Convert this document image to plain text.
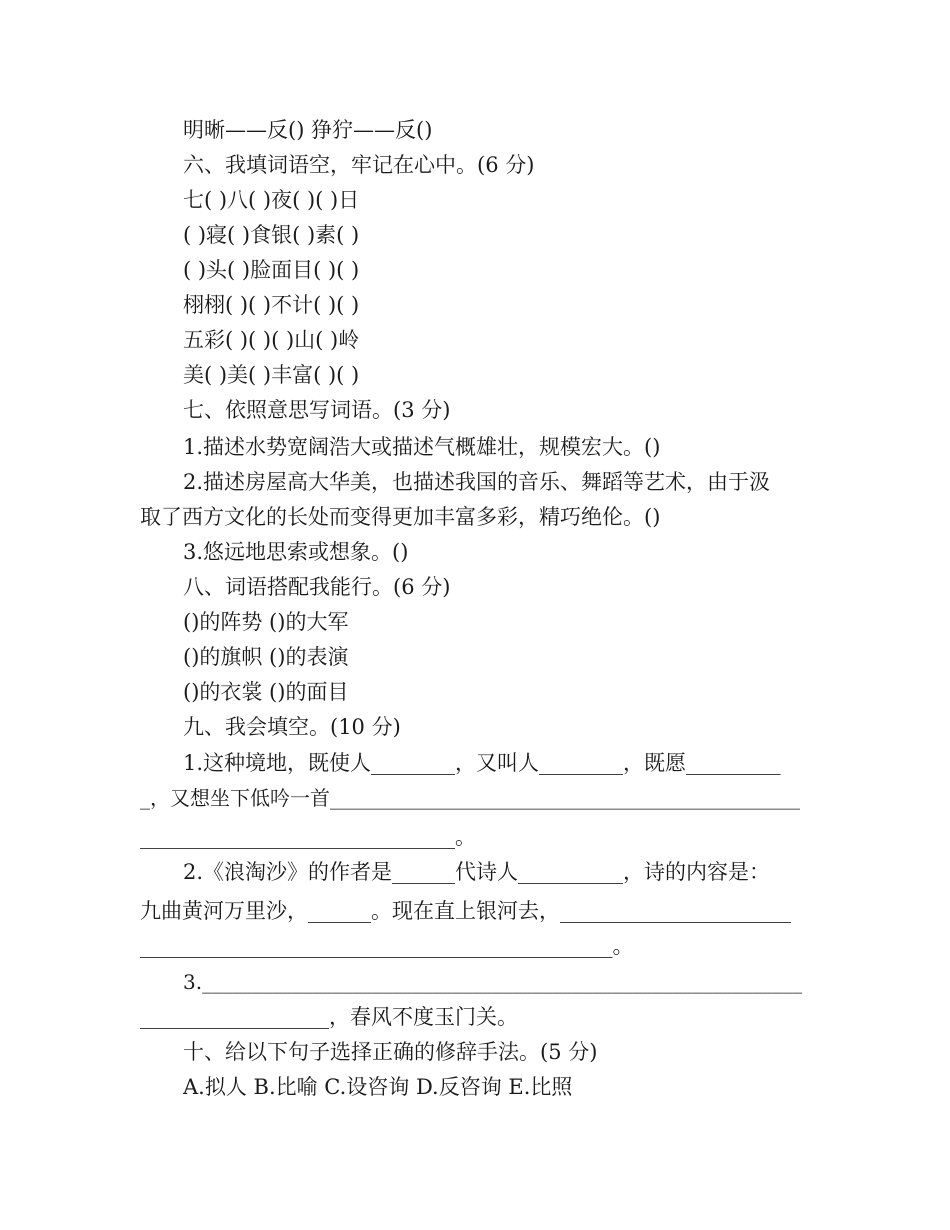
明晰——反() 狰狞——反()
六、我填词语空，牢记在心中。(6 分)
七( )八( )夜( )( )日
( )寝( )食银( )素( )
( )头( )脸面目( )( )
栩栩( )( )不计( )( )
五彩( )( )( )山( )岭
美( )美( )丰富( )( )
七、依照意思写词语。(3 分)
1.描述水势宽阔浩大或描述气概雄壮，规模宏大。()
2.描述房屋高大华美，也描述我国的音乐、舞蹈等艺术，由于汲
取了西方文化的长处而变得更加丰富多彩，精巧绝伦。()
3.悠远地思索或想象。()
八、词语搭配我能行。(6 分)
()的阵势 ()的大军
()的旗帜 ()的表演
()的衣裳 ()的面目
九、我会填空。(10 分)
1.这种境地，既使人________，又叫人________，既愿_________
_，又想坐下低吟一首_______________________________________________
______________________________。
2.《浪淘沙》的作者是______代诗人__________，诗的内容是：
九曲黄河万里沙，______。现在直上银河去，______________________
_____________________________________________。
3.____________________________________________________________
__________________，春风不度玉门关。
十、给以下句子选择正确的修辞手法。(5 分)
A.拟人 B.比喻 C.设咨询 D.反咨询 E.比照
